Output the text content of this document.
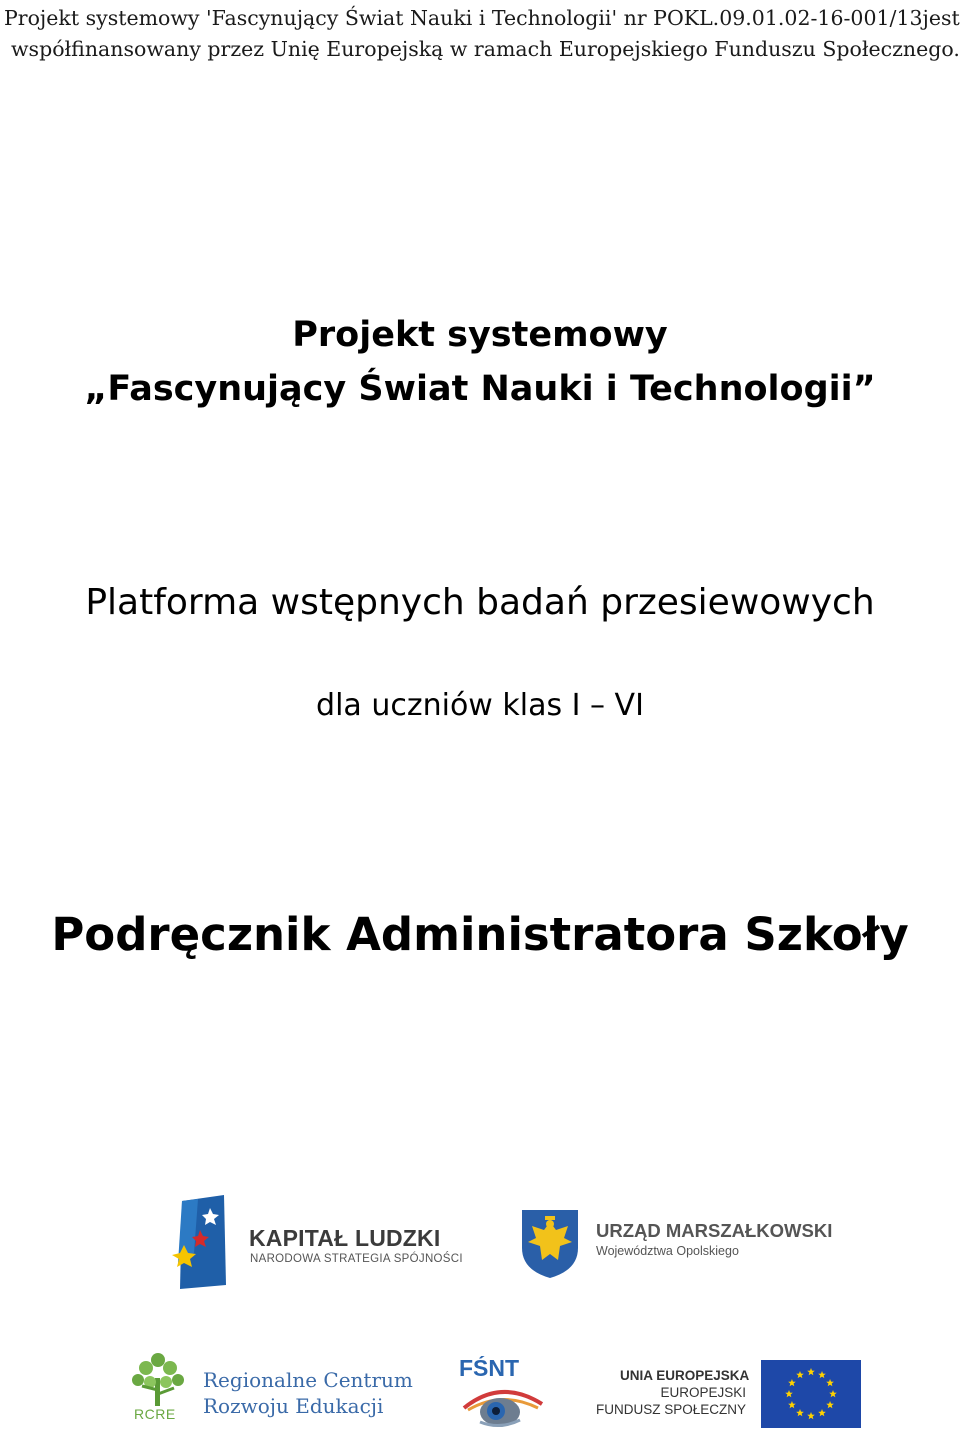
Projekt systemowy 'Fascynujący Świat Nauki i Technologii' nr POKL.09.01.02-16-001/13 jest
współfinansowany przez Unię Europejską w ramach Europejskiego Funduszu Społecznego.
Projekt systemowy
„Fascynujący Świat Nauki i Technologii”
Platforma wstępnych badań przesiewowych
dla uczniów klas I – VI
Podręcznik Administratora Szkoły
KAPITAŁ LUDZKI
NARODOWA STRATEGIA SPÓJNOŚCI
URZĄD MARSZAŁKOWSKI
Województwa Opolskiego
RCRE
Regionalne Centrum
Rozwoju Edukacji
FŚNT	UNIA EUROPEJSKA
EUROPEJSKI
FUNDUSZ SPOŁECZNY
